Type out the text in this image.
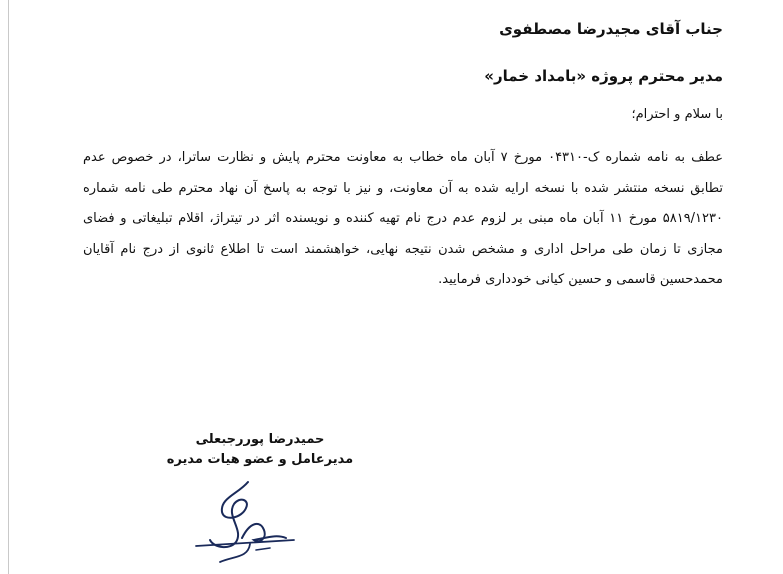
جناب آقای مجیدرضا مصطفوی
مدیر محترم پروژه «بامداد خمار»
با سلام و احترام؛

عطف به نامه شماره ک-۰۴۳۱۰ مورخ ۷ آبان ماه خطاب به معاونت محترم پایش و نظارت ساترا، در خصوص عدم تطابق نسخه منتشر شده با نسخه ارایه شده به آن معاونت، و نیز با توجه به پاسخ آن نهاد محترم طی نامه شماره ۵۸۱۹/۱۲۳۰ مورخ ۱۱ آبان ماه مبنی بر لزوم عدم درج نام تهیه کننده و نویسنده اثر در تیتراژ، اقلام تبلیغاتی و فضای مجازی تا زمان طی مراحل اداری و مشخص شدن نتیجه نهایی، خواهشمند است تا اطلاع ثانوی از درج نام آقایان محمدحسین قاسمی و حسین کیانی خودداری فرمایید.

حمیدرضا پوررجبعلی
مدیرعامل و عضو هیات مدیره
